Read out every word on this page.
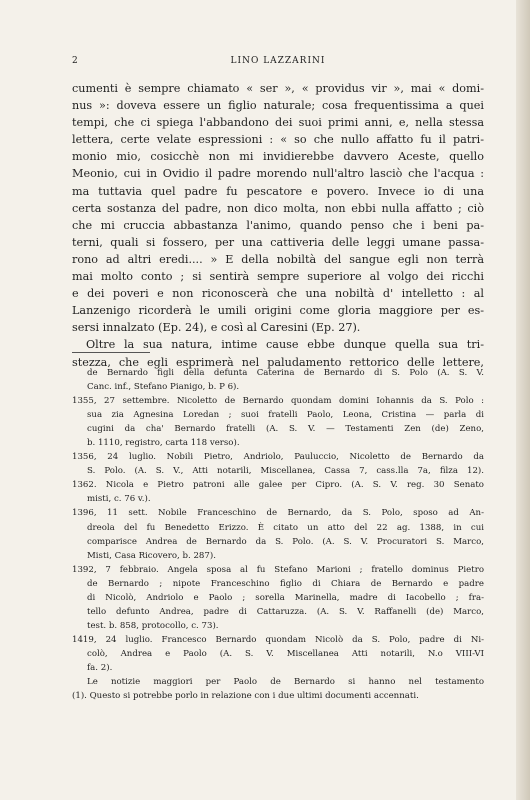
2	LINO LAZZARINI
cumenti è sempre chiamato « ser », « providus vir », mai « domi-
nus »: doveva essere un figlio naturale; cosa frequentissima a quei
tempi, che ci spiega l'abbandono dei suoi primi anni, e, nella stessa
lettera, certe velate espressioni : « so che nullo affatto fu il patri-
monio mio, cosicchè non mi invidierebbe davvero Aceste, quello
Meonio, cui in Ovidio il padre morendo null'altro lasciò che l'acqua :
ma tuttavia quel padre fu pescatore e povero. Invece io di una
certa sostanza del padre, non dico molta, non ebbi nulla affatto ; ciò
che mi cruccia abbastanza l'animo, quando penso che i beni pa-
terni, quali si fossero, per una cattiveria delle leggi umane passa-
rono ad altri eredi.... » E della nobiltà del sangue egli non terrà
mai molto conto ; si sentirà sempre superiore al volgo dei ricchi
e dei poveri e non riconoscerà che una nobiltà d' intelletto : al
Lanzenigo ricorderà le umili origini come gloria maggiore per es-
sersi innalzato (Ep. 24), e così al Caresini (Ep. 27).
Oltre la sua natura, intime cause ebbe dunque quella sua tri-
stezza, che egli esprimerà nel paludamento rettorico delle lettere,
de Bernardo figli della defunta Caterina de Bernardo di S. Polo (A. S. V.
Canc. inf., Stefano Pianigo, b. P 6).
1355, 27 settembre. Nicoletto de Bernardo quondam domini Iohannis da S. Polo :
sua zia Agnesina Loredan ; suoi fratelli Paolo, Leona, Cristina — parla di
cugini da cha' Bernardo fratelli (A. S. V. — Testamenti Zen (de) Zeno,
b. 1110, registro, carta 118 verso).
1356, 24 luglio. Nobili Pietro, Andriolo, Pauluccio, Nicoletto de Bernardo da
S. Polo. (A. S. V., Atti notarili, Miscellanea, Cassa 7, cass.lla 7a, filza 12).
1362. Nicola e Pietro patroni alle galee per Cipro. (A. S. V. reg. 30 Senato
misti, c. 76 v.).
1396, 11 sett. Nobile Franceschino de Bernardo, da S. Polo, sposo ad An-
dreola del fu Benedetto Erizzo. È citato un atto del 22 ag. 1388, in cui
comparisce Andrea de Bernardo da S. Polo. (A. S. V. Procuratori S. Marco,
Misti, Casa Ricovero, b. 287).
1392, 7 febbraio. Angela sposa al fu Stefano Marioni ; fratello dominus Pietro
de Bernardo ; nipote Franceschino figlio di Chiara de Bernardo e padre
di Nicolò, Andriolo e Paolo ; sorella Marinella, madre di Iacobello ; fra-
tello defunto Andrea, padre di Cattaruzza. (A. S. V. Raffanelli (de) Marco,
test. b. 858, protocollo, c. 73).
1419, 24 luglio. Francesco Bernardo quondam Nicolò da S. Polo, padre di Ni-
colò, Andrea e Paolo (A. S. V. Miscellanea Atti notarili, N.o VIII-VI
fa. 2).
Le notizie maggiori per Paolo de Bernardo si hanno nel testamento
(1). Questo si potrebbe porlo in relazione con i due ultimi documenti accennati.
